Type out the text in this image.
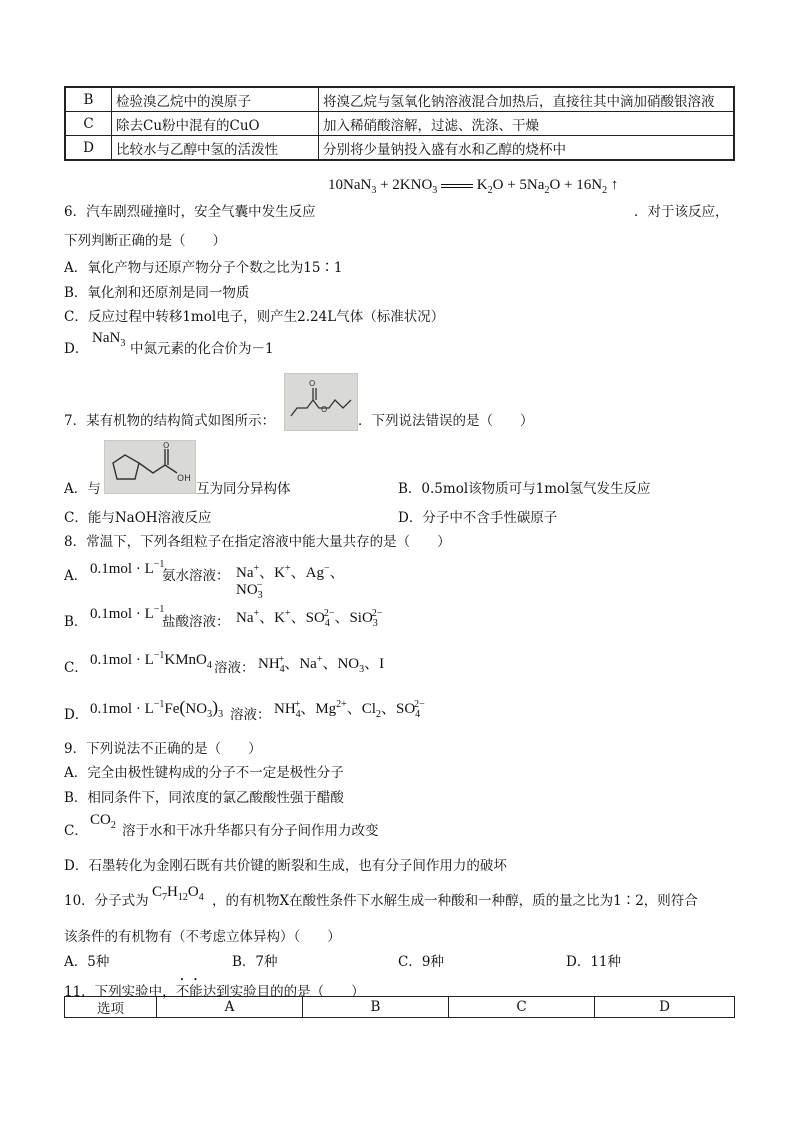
B	检验溴乙烷中的溴原子	将溴乙烷与氢氧化钠溶液混合加热后，直接往其中滴加硝酸银溶液
C	除去Cu粉中混有的CuO	加入稀硝酸溶解，过滤、洗涤、干燥
D	比较水与乙醇中氢的活泼性	分别将少量钠投入盛有水和乙醇的烧杯中
$10NaN_3 + 2KNO_3$  $K_2O + 5Na_2O + 16N_2$ ↑
6．汽车剧烈碰撞时，安全气囊中发生反应	．对于该反应，
下列判断正确的是（　　）
A．氧化产物与还原产物分子个数之比为15∶1
B．氧化剂和还原剂是同一物质
C．反应过程中转移1mol电子，则产生2.24L气体（标准状况）
D．
NaN$_3$ 中氮元素的化合价为－1
O
O
7．某有机物的结构简式如图所示：	．下列说法错误的是（　　）
O
OH
A．与	互为同分异构体	B．0.5mol该物质可与1mol氢气发生反应
C．能与NaOH溶液反应	D．分子中不含手性碳原子
8．常温下，下列各组粒子在指定溶液中能大量共存的是（　　）
A． $0.1mol \cdot L^{-1}$
氨水溶液： Na+、K+、Ag−、$NO_3^-$
B． $0.1mol \cdot L^{-1}$
盐酸溶液： Na+、K+、$SO_4^{2-}$、SiO$_3^{2-}$
C． $0.1mol \cdot L^{-1}KMnO_4$ 溶液： $NH_4^+$、Na+、$NO_3$、I
D． $0.1mol \cdot L^{-1}Fe(NO_3)_3$ 溶液： $NH_4^+$、$Mg^{2+}$、$Cl_2$、$SO_4^{2-}$
9．下列说法不正确的是（　　）
A．完全由极性键构成的分子不一定是极性分子
B．相同条件下，同浓度的氯乙酸酸性强于醋酸
C．
$CO_2$ 溶于水和干冰升华都只有分子间作用力改变
D．石墨转化为金刚石既有共价键的断裂和生成，也有分子间作用力的破坏
10．分子式为
$C_7H_{12}O_4$ ，的有机物X在酸性条件下水解生成一种酸和一种醇，质的量之比为1∶2，则符合
该条件的有机物有（不考虑立体异构）（　　）
A．5种	B．7种	C．9种	D．11种
11．下列实验中，不能达到实验目的的是（　　）
选项	A	B	C	D
